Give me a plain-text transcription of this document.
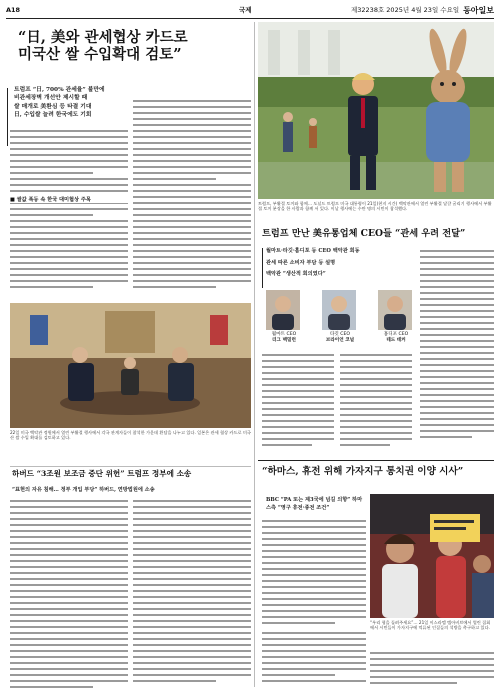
A18	국제	제32238호 2025년 4월 23일 수요일 동아일보
“日, 美와 관세협상 카드로
미국산 쌀 수입확대 검토”
트럼프 “日, 700% 관세율” 불만에
비관세장벽 개선안 제시할 때
쌀 매개로 美환심 등 타결 기대
日, 수입쌀 늘려 한국에도 기회
■ 쌀값 폭등 속 한국 대미협상 주목
22일 미국 백악관 정원에서 열린 부활절 행사에서 각국 관계자들이 참석한 가운데 환담을 나누고 있다. 일본은 관세 협상 카드로 미국산 쌀 수입 확대를 검토하고 있다.
하버드 “3조원 보조금 중단 위헌” 트럼프 정부에 소송
“표현의 자유 침해… 정부 개입 부당” 하버드, 연방법원에 소송
트럼프, 부활절 토끼와 함께… 도널드 트럼프 미국 대통령이 21일(현지 시간) 백악관에서 열린 부활절 달걀 굴리기 행사에서 부활절 토끼 분장을 한 사람과 함께 서 있다. 이날 행사에는 수만 명의 시민이 참석했다.
트럼프 만난 美유통업체 CEO들 “관세 우려 전달”
월마트·타깃·홈디포 등 CEO 백악관 회동
관세 따른 소비자 부담 등 설명
백악관 “생산적 회의였다”
월마트 CEO
더그 맥밀런
타깃 CEO
브라이언 코널
홈디포 CEO
테드 데커
“하마스, 휴전 위해 가자지구 통치권 이양 시사”
BBC “PA 또는 제3국에 넘길 의향” 하마스측 “영구 휴전·종전 조건”
“우리 형을 돌려주세요”… 21일 이스라엘 텔아비브에서 열린 집회에서 시민들이 가자지구에 억류된 인질들의 석방을 촉구하고 있다.
